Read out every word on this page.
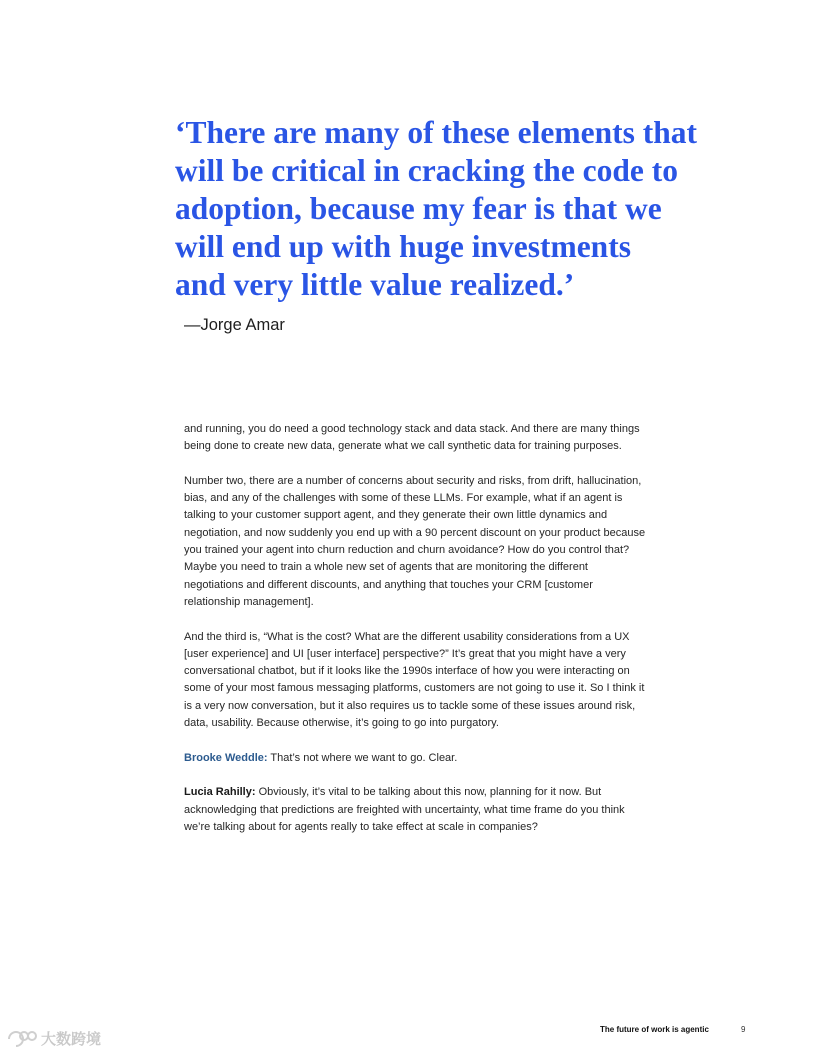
‘There are many of these elements that
will be critical in cracking the code to
adoption, because my fear is that we
will end up with huge investments
and very little value realized.’

—Jorge Amar

and running, you do need a good technology stack and data stack. And there are many things
being done to create new data, generate what we call synthetic data for training purposes.

Number two, there are a number of concerns about security and risks, from drift, hallucination,
bias, and any of the challenges with some of these LLMs. For example, what if an agent is
talking to your customer support agent, and they generate their own little dynamics and
negotiation, and now suddenly you end up with a 90 percent discount on your product because
you trained your agent into churn reduction and churn avoidance? How do you control that?
Maybe you need to train a whole new set of agents that are monitoring the different
negotiations and different discounts, and anything that touches your CRM [customer
relationship management].

And the third is, “What is the cost? What are the different usability considerations from a UX
[user experience] and UI [user interface] perspective?” It’s great that you might have a very
conversational chatbot, but if it looks like the 1990s interface of how you were interacting on
some of your most famous messaging platforms, customers are not going to use it. So I think it
is a very now conversation, but it also requires us to tackle some of these issues around risk,
data, usability. Because otherwise, it’s going to go into purgatory.

Brooke Weddle: That’s not where we want to go. Clear.

Lucia Rahilly: Obviously, it’s vital to be talking about this now, planning for it now. But
acknowledging that predictions are freighted with uncertainty, what time frame do you think
we’re talking about for agents really to take effect at scale in companies?

The future of work is agentic	9
大数跨境
